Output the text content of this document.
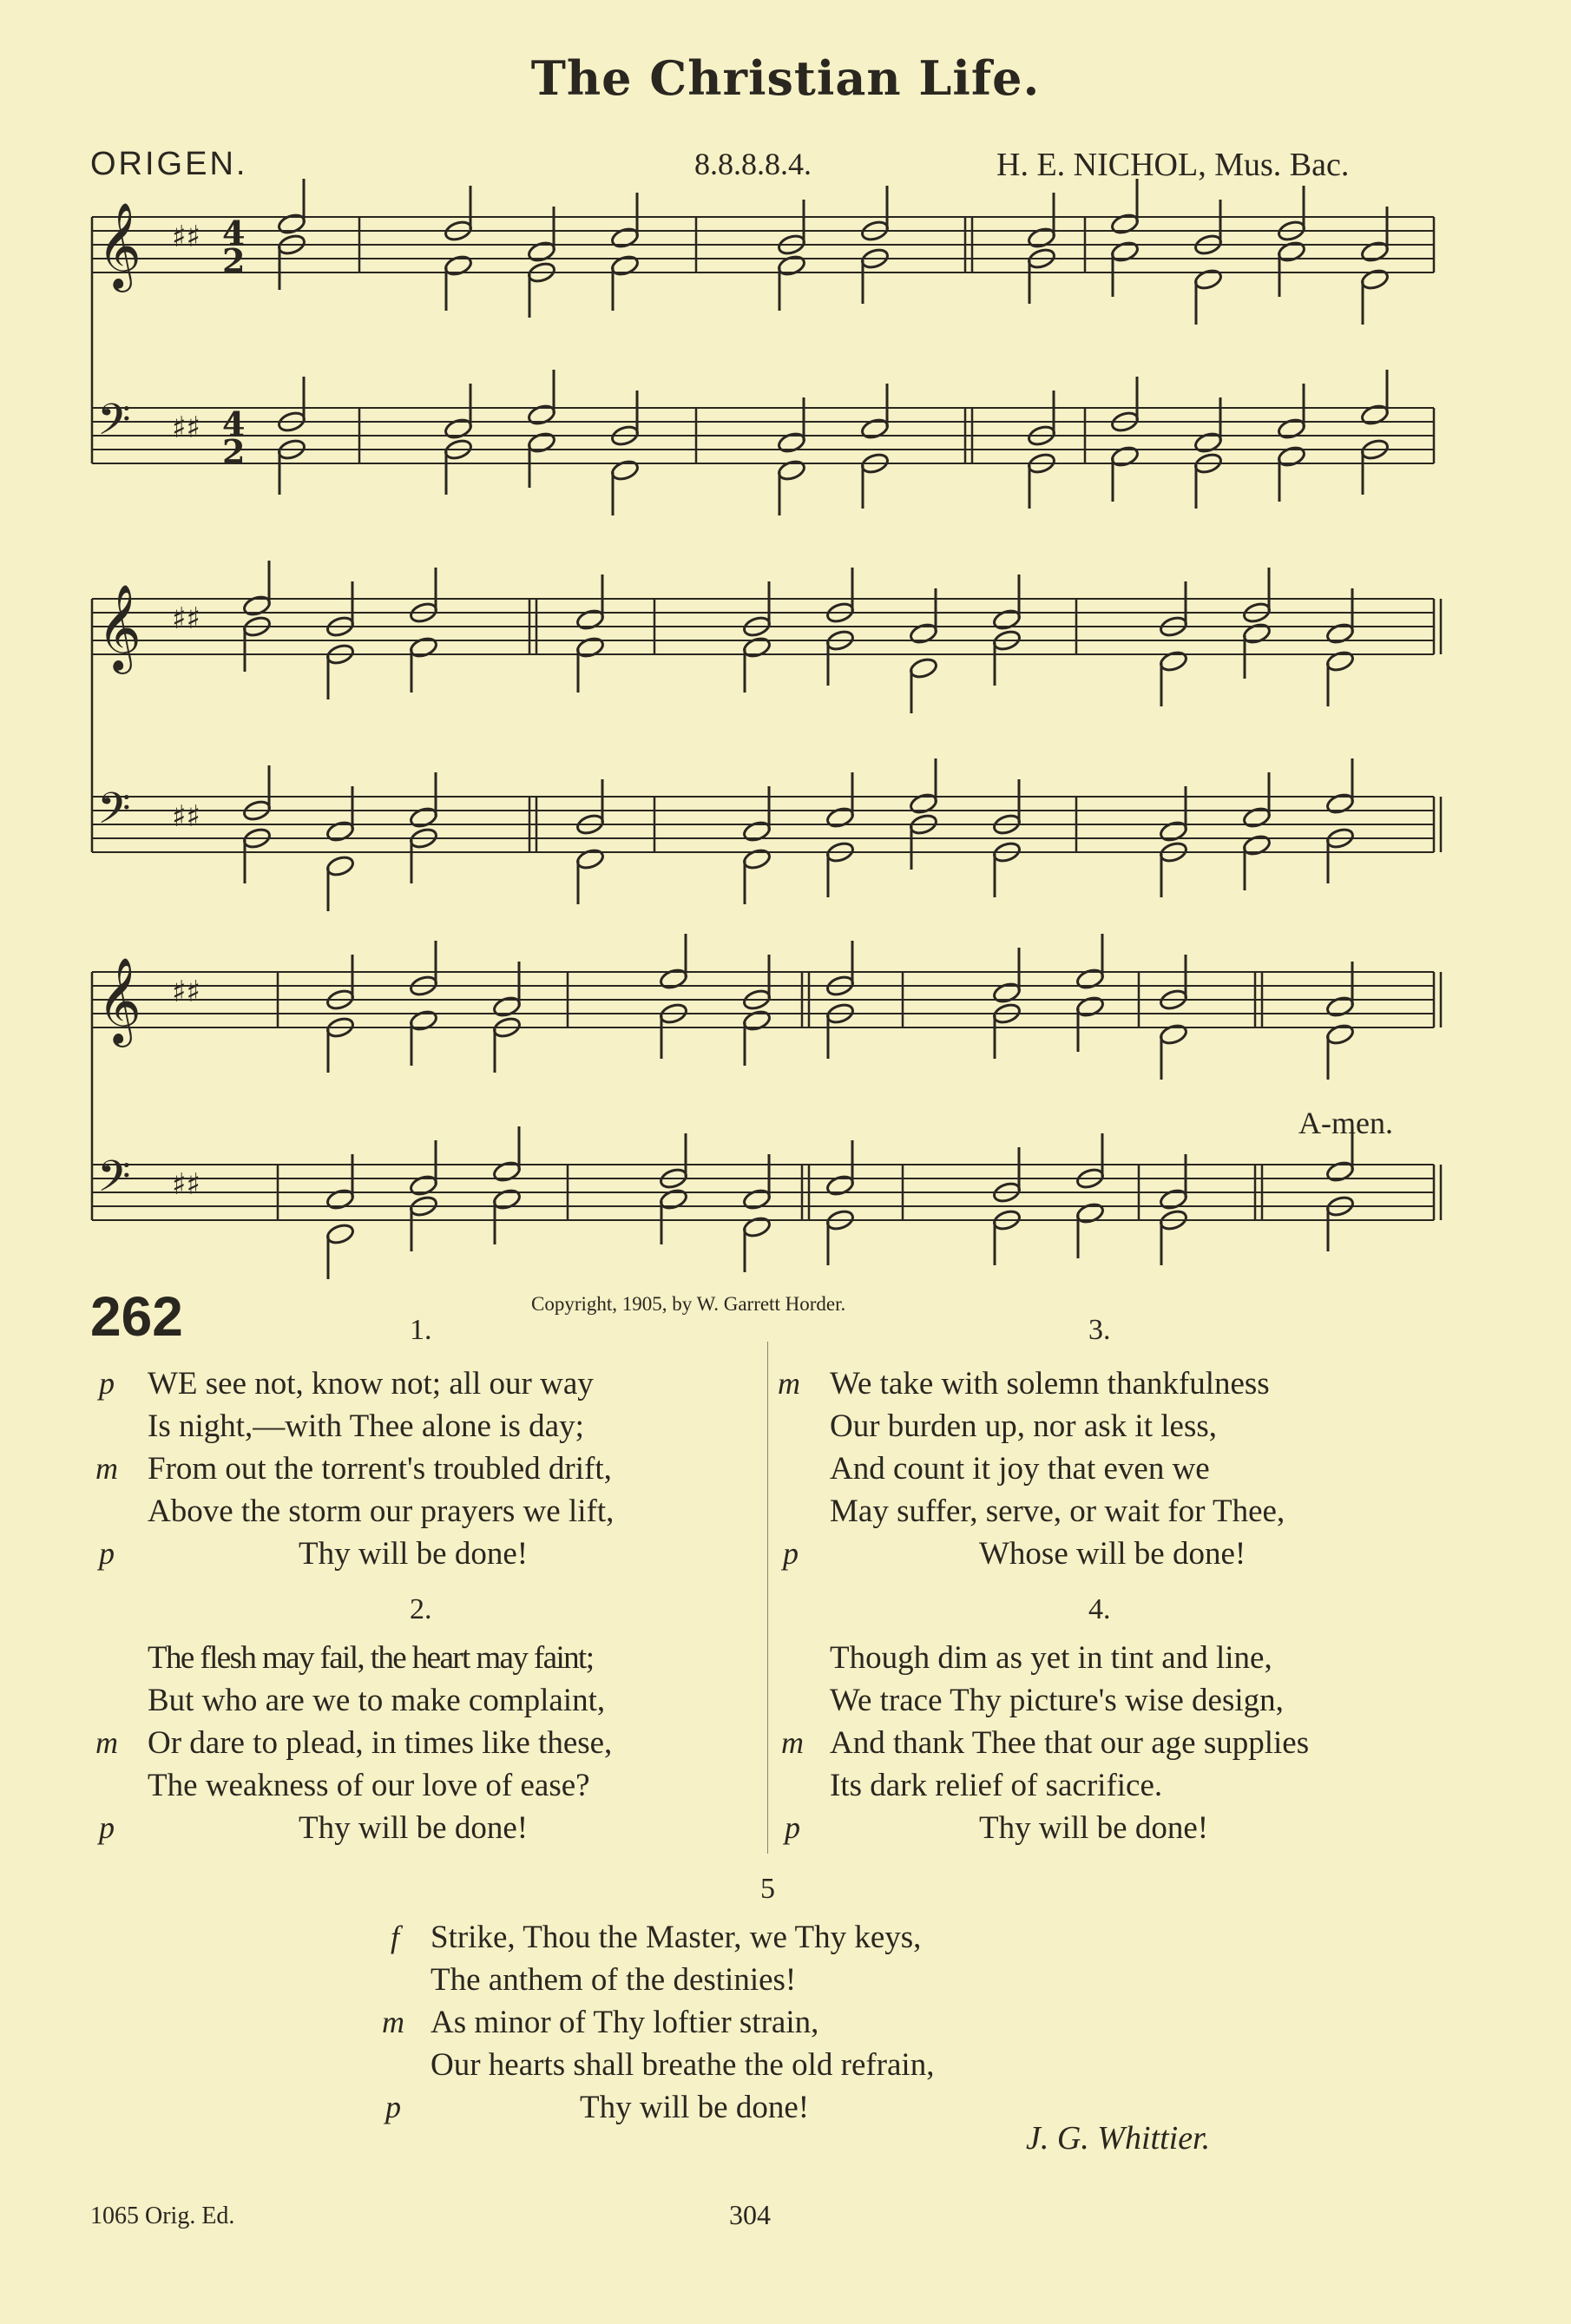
The Christian Life.
ORIGEN.	8.8.8.8.4.	H. E. NICHOL, Mus. Bac.
𝄞 ♯♯
𝄢 ♯♯
4
2
4
2
𝄞 ♯♯
𝄢 ♯♯
𝄞 ♯♯
𝄢 ♯♯
A-men.
262	Copyright, 1905, by W. Garrett Horder.
1.
p WE see not, know not; all our way
Is night,—with Thee alone is day;
m From out the torrent's troubled drift,
Above the storm our prayers we lift,
p	Thy will be done!
2.
The flesh may fail, the heart may faint;
But who are we to make complaint,
m Or dare to plead, in times like these,
The weakness of our love of ease?
p	Thy will be done!
3.
m We take with solemn thankfulness
Our burden up, nor ask it less,
And count it joy that even we
May suffer, serve, or wait for Thee,
p	Whose will be done!
4.
Though dim as yet in tint and line,
We trace Thy picture's wise design,
m And thank Thee that our age supplies
Its dark relief of sacrifice.
p	Thy will be done!
5
f Strike, Thou the Master, we Thy keys,
The anthem of the destinies!
m As minor of Thy loftier strain,
Our hearts shall breathe the old refrain,
p	Thy will be done!
J. G. Whittier.
1065 Orig. Ed.	304
